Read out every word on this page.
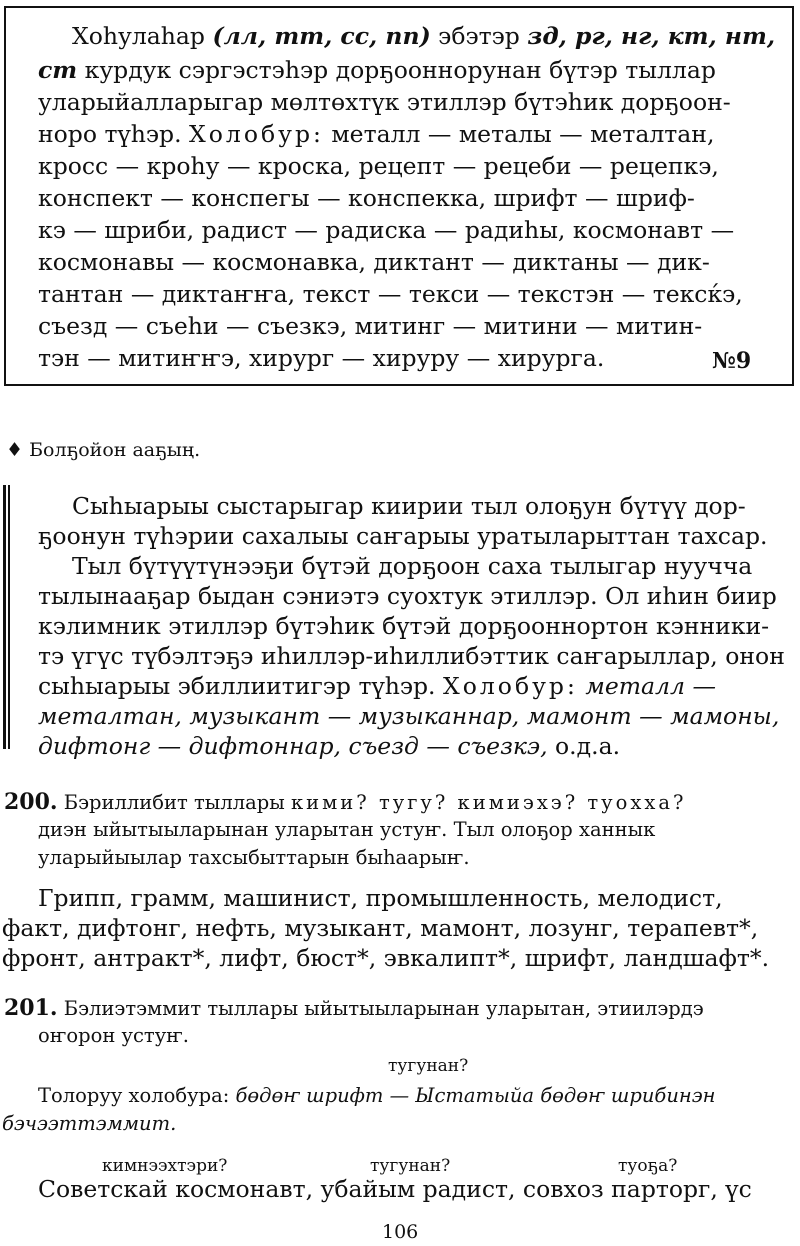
Хоһулаһар (лл, тт, сс, пп) эбэтэр зд, рг, нг, кт, нт,
ст курдук сэргэстэһэр дорҕооннорунан бүтэр тыллар
уларыйалларыгар мөлтөхтүк этиллэр бүтэһик дорҕоон-
норо түһэр. Холобур: металл — металы — металтан,
кросс — кроһу — кроска, рецепт — рецеби — рецепкэ,
конспект — конспегы — конспекка, шрифт — шриф-
кэ — шриби, радист — радиска — радиһы, космонавт —
космонавы — космонавка, диктант — диктаны — дик-
тантан — диктаҥҥа, текст — текси — текстэн — тексќэ,
съезд — съеһи — съезкэ, митинг — митини — митин-
тэн — митиҥҥэ, хирург — хируру — хирурга.	№9
♦ Болҕойон ааҕың.
Сыһыарыы сыстарыгар киирии тыл олоҕун бүтүү дор-
ҕоонун түһэрии сахалыы саҥарыы уратыларыттан тахсар.
Тыл бүтүүтүнээҕи бүтэй дорҕоон саха тылыгар нууччa
тылынааҕар быдан сэниэтэ суохтук этиллэр. Ол иһин биир
кэлимник этиллэр бүтэһик бүтэй дорҕооннортон кэнники-
тэ үгүс түбэлтэҕэ иһиллэр-иһиллибэттик саҥарыллар, онон
сыһыарыы эбиллиитигэр түһэр. Холобур: металл —
металтан, музыкант — музыканнар, мамонт — мамоны,
дифтонг — дифтоннар, съезд — съезкэ, о.д.а.
200. Бэриллибит тыллары кими? тугу? кимиэхэ? туохха?
диэн ыйытыыларынан уларытан устуҥ. Тыл олоҕор ханнык
уларыйыылар тахсыбыттарын быһаарыҥ.
Грипп, грамм, машинист, промышленность, мелодист,
факт, дифтонг, нефть, музыкант, мамонт, лозунг, терапевт*,
фронт, антракт*, лифт, бюст*, эвкалипт*, шрифт, ландшафт*.
201. Бэлиэтэммит тыллары ыйытыыларынан уларытан, этиилэрдэ
оҥорон устуҥ.
тугунан?
Толоруу холобура: бөдөҥ шрифт — Ыстатыйа бөдөҥ шрибинэн
бэчээттэммит.
кимнээхтэри?	тугунан?	туоҕа?
Советскай космонавт, убайым радист, совхоз парторг, үс
106
